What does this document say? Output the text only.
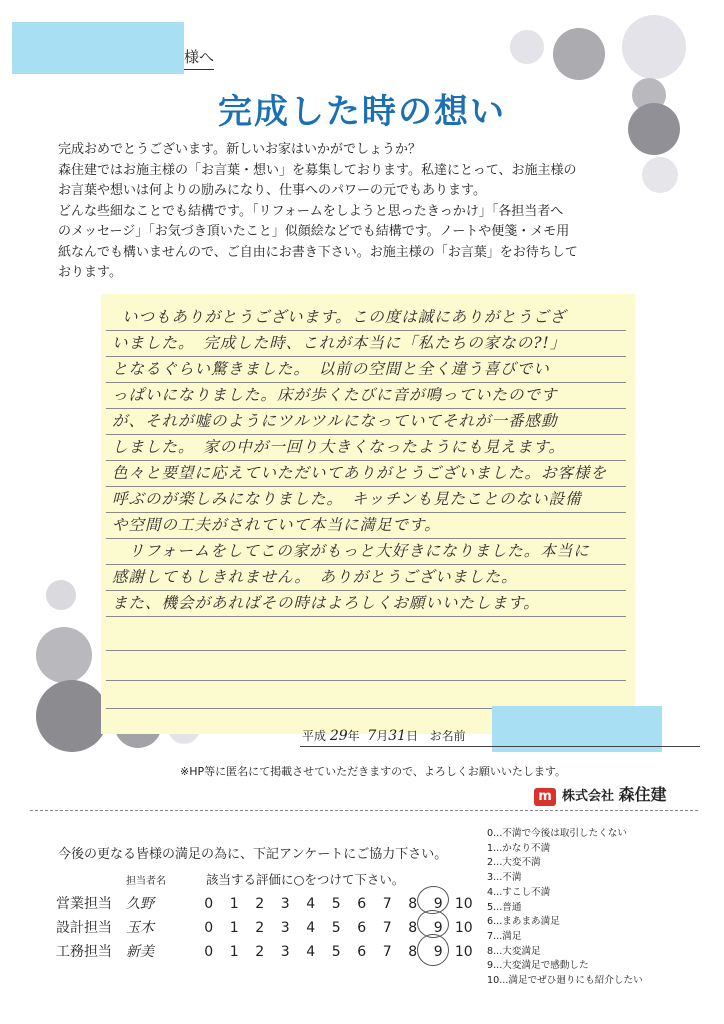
様へ
完成した時の想い

完成おめでとうございます。新しいお家はいかがでしょうか？

森住建ではお施主様の「お言葉・想い」を募集しております。私達にとって、お施主様の

お言葉や想いは何よりの励みになり、仕事へのパワーの元でもあります。

どんな些細なことでも結構です。「リフォームをしようと思ったきっかけ」「各担当者へ

のメッセージ」「お気づき頂いたこと」似顔絵などでも結構です。ノートや便箋・メモ用

紙なんでも構いませんので、ご自由にお書き下さい。お施主様の「お言葉」をお待ちして

おります。

いつもありがとうございます。この度は誠にありがとうござ
いました。　完成した時、これが本当に「私たちの家なの?!」
となるぐらい驚きました。　以前の空間と全く違う喜びでい
っぱいになりました。床が歩くたびに音が鳴っていたのです
が、それが嘘のようにツルツルになっていてそれが一番感動
しました。　家の中が一回り大きくなったようにも見えます。
色々と要望に応えていただいてありがとうございました。お客様を
呼ぶのが楽しみになりました。　キッチンも見たことのない設備
や空間の工夫がされていて本当に満足です。
　リフォームをしてこの家がもっと大好きになりました。本当に
感謝してもしきれません。　ありがとうございました。
また、機会があればその時はよろしくお願いいたします。
平成 29年 7月31日 お名前
※HP等に匿名にて掲載させていただきますので、よろしくお願いいたします。
m 株式会社 森住建
今後の更なる皆様の満足の為に、下記アンケートにご協力下さい。
担当者名	該当する評価に○をつけて下さい。
営業担当 久野	0 1 2 3 4 5 6 7 8 9 10
設計担当 玉木	0 1 2 3 4 5 6 7 8 9 10
工務担当 新美	0 1 2 3 4 5 6 7 8 9 10
0...不満で今後は取引したくない
1...かなり不満
2...大変不満
3...不満
4...すこし不満
5...普通
6...まあまあ満足
7...満足
8...大変満足
9...大変満足で感動した
10...満足でぜひ廻りにも紹介したい
